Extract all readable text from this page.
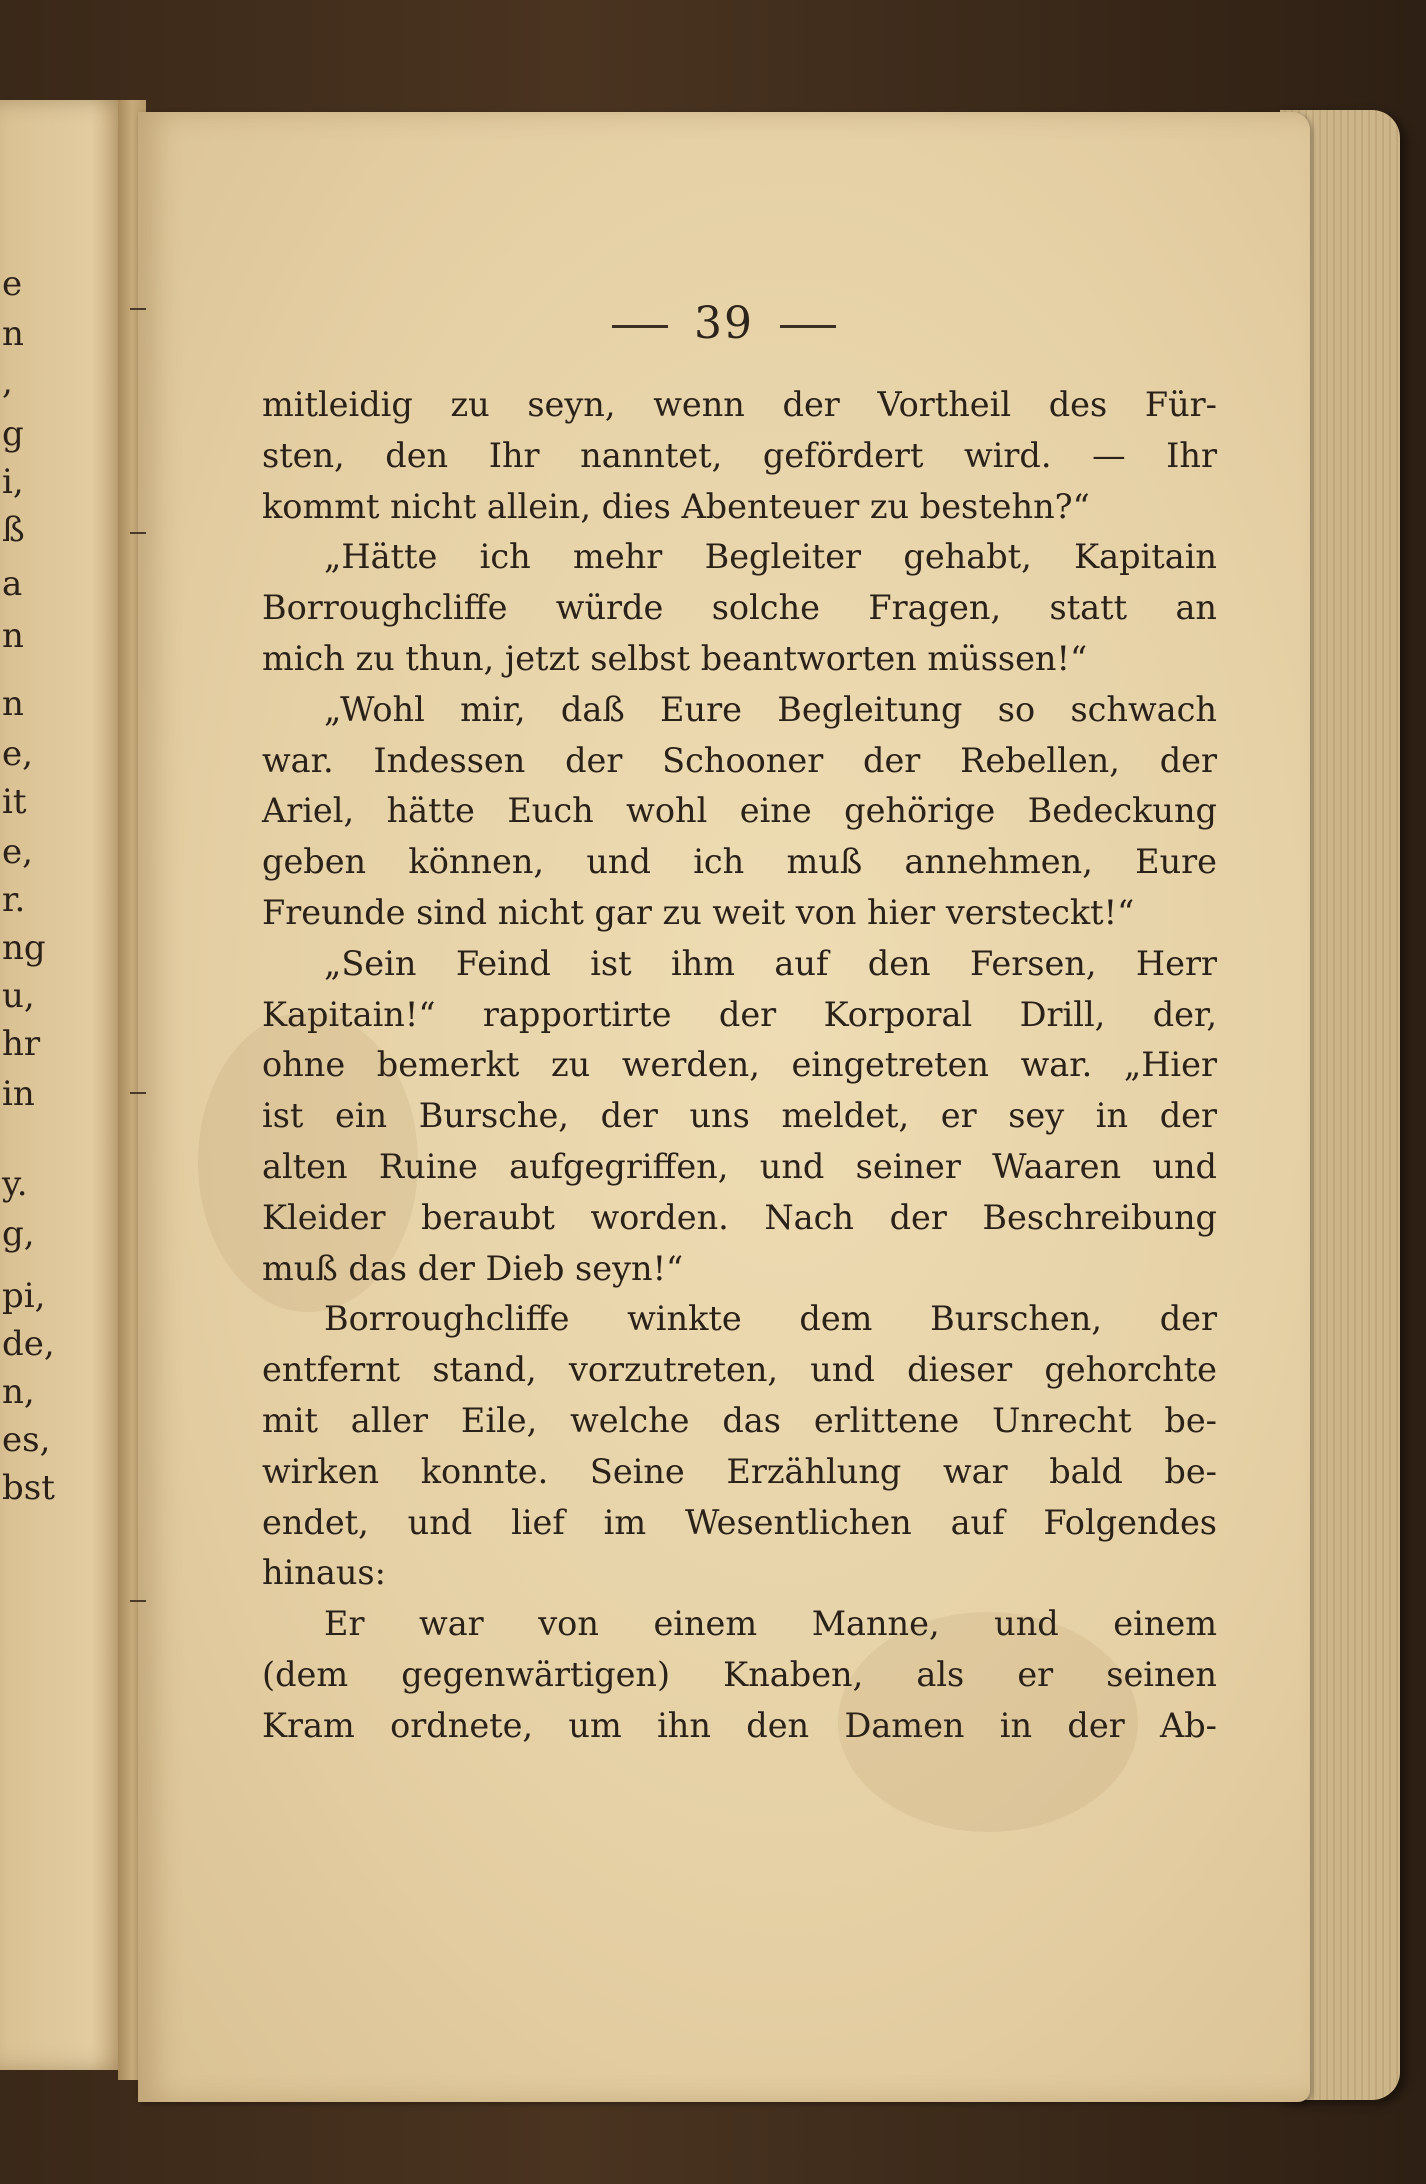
e
n
,
g
i,
ß
a
n
n
e,
it
e,
r.
ng
u,
hr
in
y.
g,
pi,
de,
n,
es,
bst
39
mitleidig zu seyn, wenn der Vortheil des Für-
sten, den Ihr nanntet, gefördert wird. — Ihr
kommt nicht allein, dies Abenteuer zu bestehn?“
„Hätte ich mehr Begleiter gehabt, Kapitain
Borroughcliffe würde solche Fragen, statt an
mich zu thun, jetzt selbst beantworten müssen!“
„Wohl mir, daß Eure Begleitung so schwach
war. Indessen der Schooner der Rebellen, der
Ariel, hätte Euch wohl eine gehörige Bedeckung
geben können, und ich muß annehmen, Eure
Freunde sind nicht gar zu weit von hier versteckt!“
„Sein Feind ist ihm auf den Fersen, Herr
Kapitain!“ rapportirte der Korporal Drill, der,
ohne bemerkt zu werden, eingetreten war. „Hier
ist ein Bursche, der uns meldet, er sey in der
alten Ruine aufgegriffen, und seiner Waaren und
Kleider beraubt worden. Nach der Beschreibung
muß das der Dieb seyn!“
Borroughcliffe winkte dem Burschen, der
entfernt stand, vorzutreten, und dieser gehorchte
mit aller Eile, welche das erlittene Unrecht be-
wirken konnte. Seine Erzählung war bald be-
endet, und lief im Wesentlichen auf Folgendes
hinaus:
Er war von einem Manne, und einem
(dem gegenwärtigen) Knaben, als er seinen
Kram ordnete, um ihn den Damen in der Ab-
